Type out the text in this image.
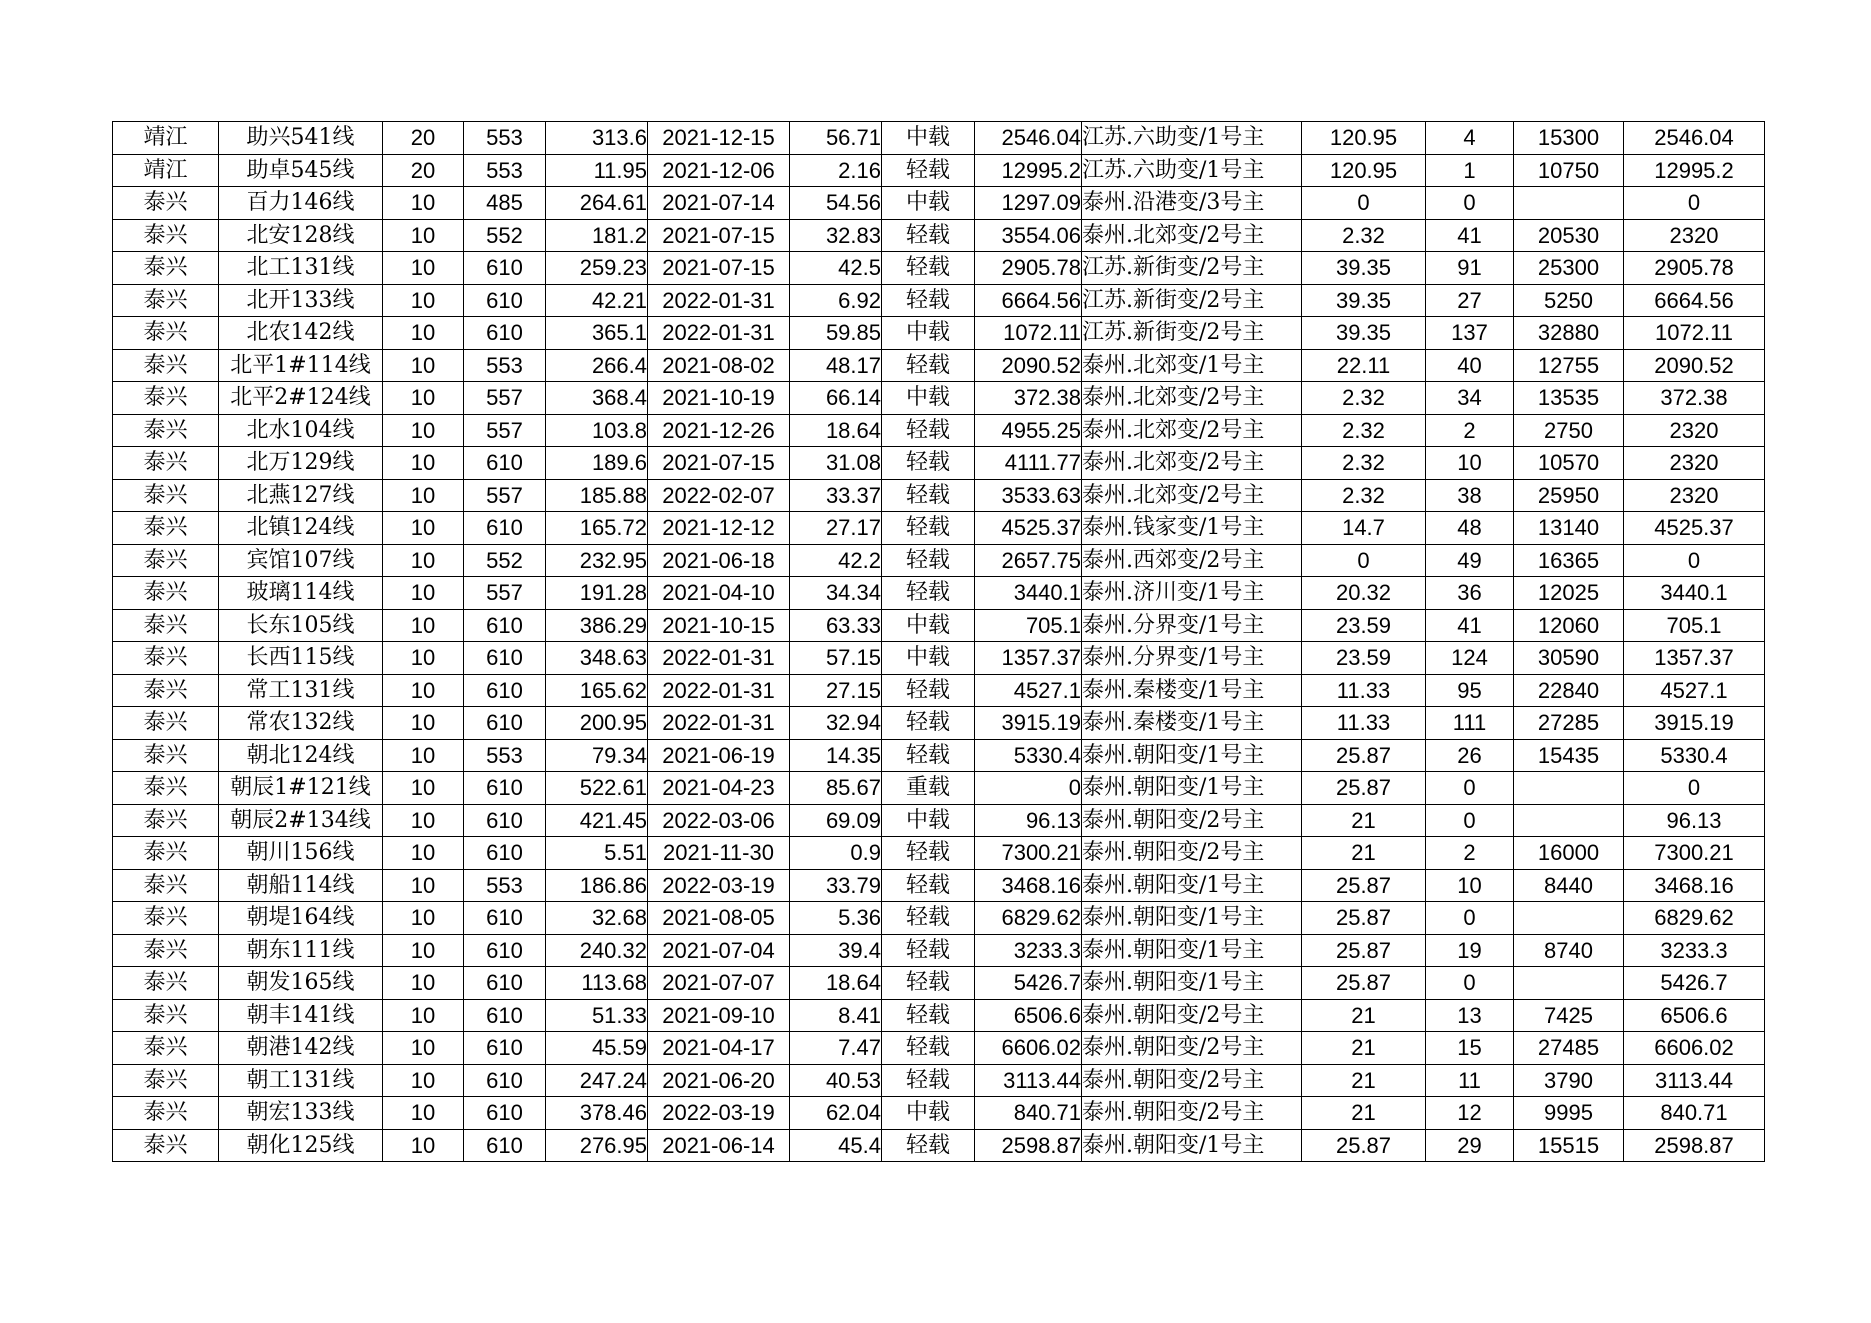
靖江	助兴541线	20	553	313.6	2021-12-15	56.71	中载	2546.04	江苏.六助变/1号主	120.95	4	15300	2546.04
靖江	助卓545线	20	553	11.95	2021-12-06	2.16	轻载	12995.2	江苏.六助变/1号主	120.95	1	10750	12995.2
泰兴	百力146线	10	485	264.61	2021-07-14	54.56	中载	1297.09	泰州.沿港变/3号主	0	0		0
泰兴	北安128线	10	552	181.2	2021-07-15	32.83	轻载	3554.06	泰州.北郊变/2号主	2.32	41	20530	2320
泰兴	北工131线	10	610	259.23	2021-07-15	42.5	轻载	2905.78	江苏.新街变/2号主	39.35	91	25300	2905.78
泰兴	北开133线	10	610	42.21	2022-01-31	6.92	轻载	6664.56	江苏.新街变/2号主	39.35	27	5250	6664.56
泰兴	北农142线	10	610	365.1	2022-01-31	59.85	中载	1072.11	江苏.新街变/2号主	39.35	137	32880	1072.11
泰兴	北平1#114线	10	553	266.4	2021-08-02	48.17	轻载	2090.52	泰州.北郊变/1号主	22.11	40	12755	2090.52
泰兴	北平2#124线	10	557	368.4	2021-10-19	66.14	中载	372.38	泰州.北郊变/2号主	2.32	34	13535	372.38
泰兴	北水104线	10	557	103.8	2021-12-26	18.64	轻载	4955.25	泰州.北郊变/2号主	2.32	2	2750	2320
泰兴	北万129线	10	610	189.6	2021-07-15	31.08	轻载	4111.77	泰州.北郊变/2号主	2.32	10	10570	2320
泰兴	北燕127线	10	557	185.88	2022-02-07	33.37	轻载	3533.63	泰州.北郊变/2号主	2.32	38	25950	2320
泰兴	北镇124线	10	610	165.72	2021-12-12	27.17	轻载	4525.37	泰州.钱家变/1号主	14.7	48	13140	4525.37
泰兴	宾馆107线	10	552	232.95	2021-06-18	42.2	轻载	2657.75	泰州.西郊变/2号主	0	49	16365	0
泰兴	玻璃114线	10	557	191.28	2021-04-10	34.34	轻载	3440.1	泰州.济川变/1号主	20.32	36	12025	3440.1
泰兴	长东105线	10	610	386.29	2021-10-15	63.33	中载	705.1	泰州.分界变/1号主	23.59	41	12060	705.1
泰兴	长西115线	10	610	348.63	2022-01-31	57.15	中载	1357.37	泰州.分界变/1号主	23.59	124	30590	1357.37
泰兴	常工131线	10	610	165.62	2022-01-31	27.15	轻载	4527.1	泰州.秦楼变/1号主	11.33	95	22840	4527.1
泰兴	常农132线	10	610	200.95	2022-01-31	32.94	轻载	3915.19	泰州.秦楼变/1号主	11.33	111	27285	3915.19
泰兴	朝北124线	10	553	79.34	2021-06-19	14.35	轻载	5330.4	泰州.朝阳变/1号主	25.87	26	15435	5330.4
泰兴	朝辰1#121线	10	610	522.61	2021-04-23	85.67	重载	0	泰州.朝阳变/1号主	25.87	0		0
泰兴	朝辰2#134线	10	610	421.45	2022-03-06	69.09	中载	96.13	泰州.朝阳变/2号主	21	0		96.13
泰兴	朝川156线	10	610	5.51	2021-11-30	0.9	轻载	7300.21	泰州.朝阳变/2号主	21	2	16000	7300.21
泰兴	朝船114线	10	553	186.86	2022-03-19	33.79	轻载	3468.16	泰州.朝阳变/1号主	25.87	10	8440	3468.16
泰兴	朝堤164线	10	610	32.68	2021-08-05	5.36	轻载	6829.62	泰州.朝阳变/1号主	25.87	0		6829.62
泰兴	朝东111线	10	610	240.32	2021-07-04	39.4	轻载	3233.3	泰州.朝阳变/1号主	25.87	19	8740	3233.3
泰兴	朝发165线	10	610	113.68	2021-07-07	18.64	轻载	5426.7	泰州.朝阳变/1号主	25.87	0		5426.7
泰兴	朝丰141线	10	610	51.33	2021-09-10	8.41	轻载	6506.6	泰州.朝阳变/2号主	21	13	7425	6506.6
泰兴	朝港142线	10	610	45.59	2021-04-17	7.47	轻载	6606.02	泰州.朝阳变/2号主	21	15	27485	6606.02
泰兴	朝工131线	10	610	247.24	2021-06-20	40.53	轻载	3113.44	泰州.朝阳变/2号主	21	11	3790	3113.44
泰兴	朝宏133线	10	610	378.46	2022-03-19	62.04	中载	840.71	泰州.朝阳变/2号主	21	12	9995	840.71
泰兴	朝化125线	10	610	276.95	2021-06-14	45.4	轻载	2598.87	泰州.朝阳变/1号主	25.87	29	15515	2598.87
